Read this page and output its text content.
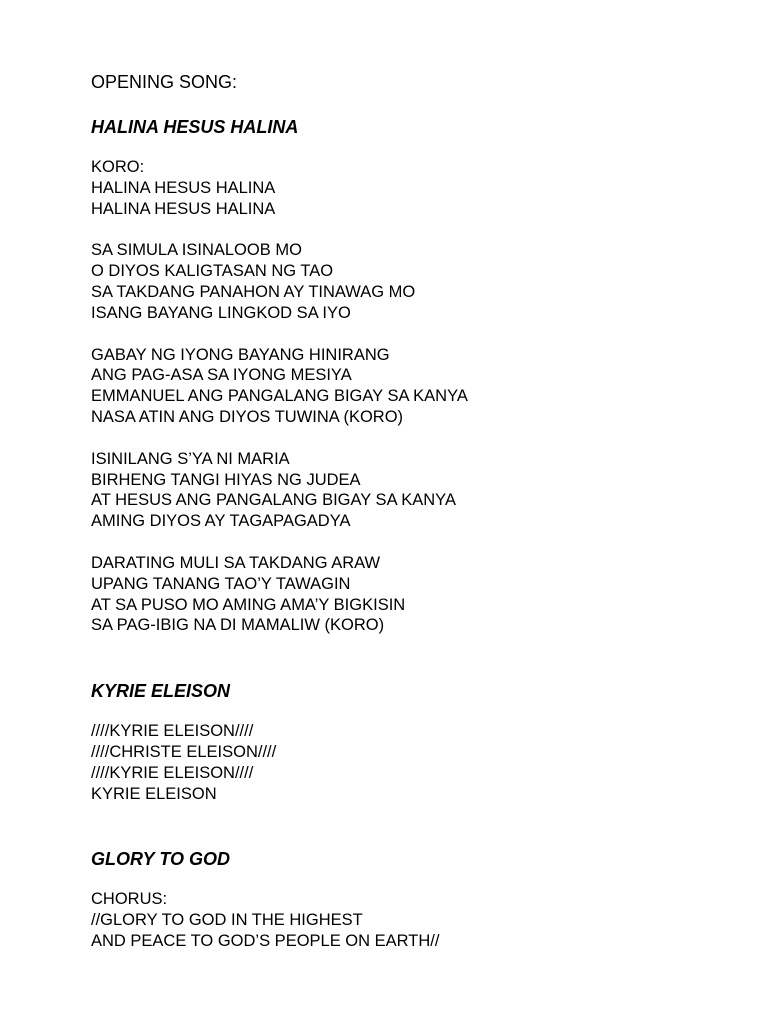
OPENING SONG:
HALINA HESUS HALINA
KORO:
HALINA HESUS HALINA
HALINA HESUS HALINA
SA SIMULA ISINALOOB MO
O DIYOS KALIGTASAN NG TAO
SA TAKDANG PANAHON AY TINAWAG MO
ISANG BAYANG LINGKOD SA IYO
GABAY NG IYONG BAYANG HINIRANG
ANG PAG-ASA SA IYONG MESIYA
EMMANUEL ANG PANGALANG BIGAY SA KANYA
NASA ATIN ANG DIYOS TUWINA (KORO)
ISINILANG S’YA NI MARIA
BIRHENG TANGI HIYAS NG JUDEA
AT HESUS ANG PANGALANG BIGAY SA KANYA
AMING DIYOS AY TAGAPAGADYA
DARATING MULI SA TAKDANG ARAW
UPANG TANANG TAO’Y TAWAGIN
AT SA PUSO MO AMING AMA’Y BIGKISIN
SA PAG-IBIG NA DI MAMALIW (KORO)
KYRIE ELEISON
////KYRIE ELEISON////
////CHRISTE ELEISON////
////KYRIE ELEISON////
KYRIE ELEISON
GLORY TO GOD
CHORUS:
//GLORY TO GOD IN THE HIGHEST
AND PEACE TO GOD’S PEOPLE ON EARTH//
